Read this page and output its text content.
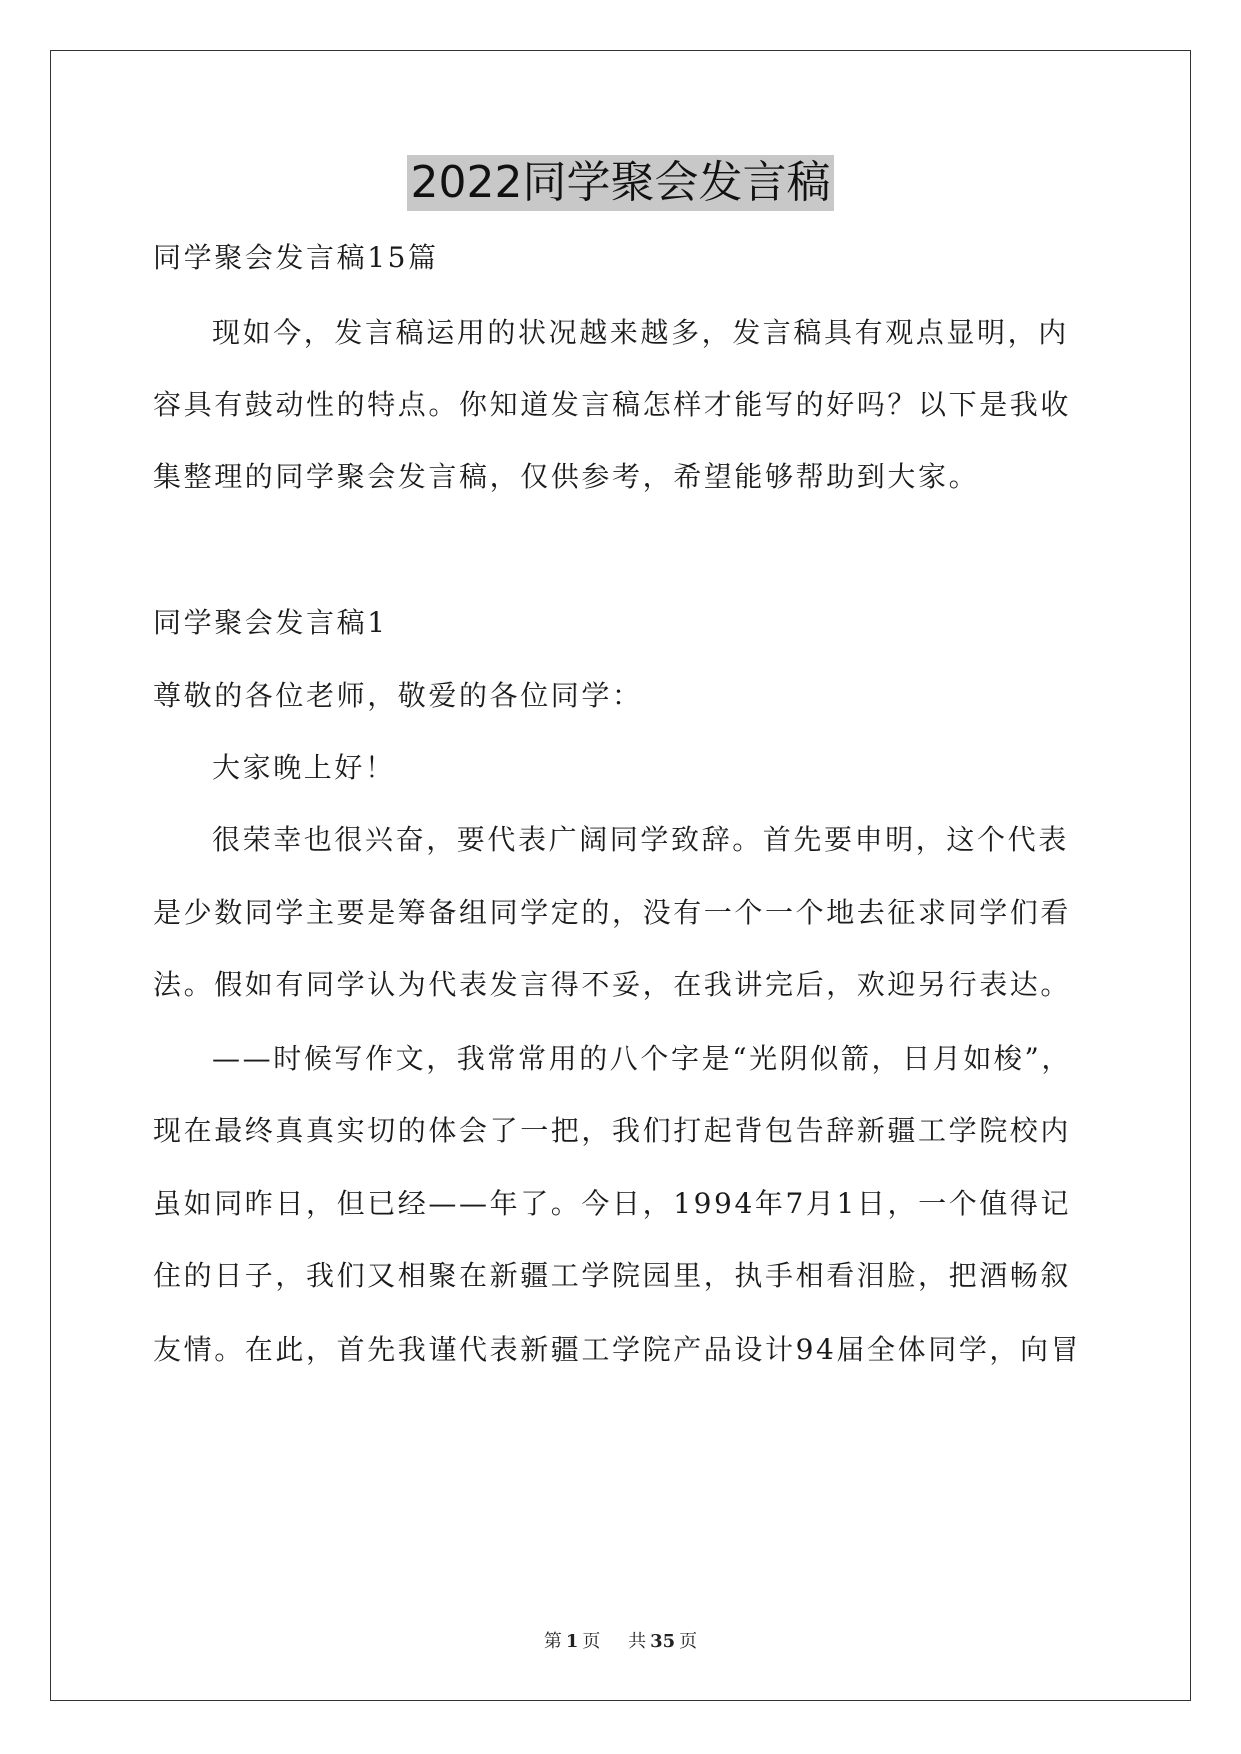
2022同学聚会发言稿
同学聚会发言稿15篇
现如今，发言稿运用的状况越来越多，发言稿具有观点显明，内
容具有鼓动性的特点。你知道发言稿怎样才能写的好吗？以下是我收
集整理的同学聚会发言稿，仅供参考，希望能够帮助到大家。
同学聚会发言稿1
尊敬的各位老师，敬爱的各位同学：
大家晚上好！
很荣幸也很兴奋，要代表广阔同学致辞。首先要申明，这个代表
是少数同学主要是筹备组同学定的，没有一个一个地去征求同学们看
法。假如有同学认为代表发言得不妥，在我讲完后，欢迎另行表达。
——时候写作文，我常常用的八个字是“光阴似箭，日月如梭”，
现在最终真真实切的体会了一把，我们打起背包告辞新疆工学院校内
虽如同昨日，但已经——年了。今日，1994年7月1日，一个值得记
住的日子，我们又相聚在新疆工学院园里，执手相看泪脸，把酒畅叙
友情。在此，首先我谨代表新疆工学院产品设计94届全体同学，向冒
第 1 页 共 35 页
